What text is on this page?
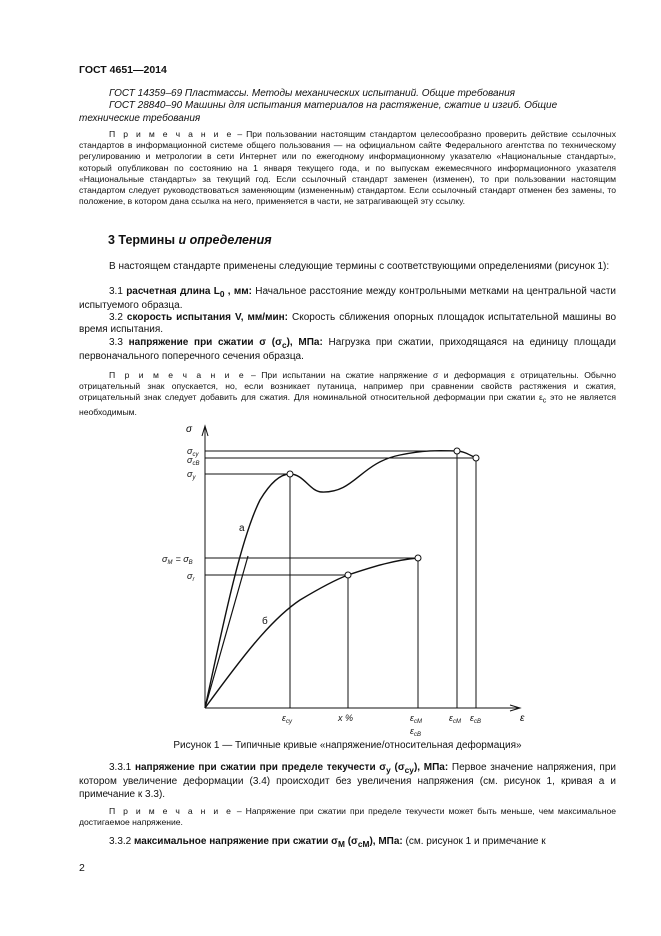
ГОСТ 4651—2014
ГОСТ 14359–69 Пластмассы. Методы механических испытаний. Общие требования
ГОСТ 28840–90 Машины для испытания материалов на растяжение, сжатие и изгиб. Общие технические требования
П р и м е ч а н и е – При пользовании настоящим стандартом целесообразно проверить действие ссылочных стандартов в информационной системе общего пользования — на официальном сайте Федерального агентства по техническому регулированию и метрологии в сети Интернет или по ежегодному информационному указателю «Национальные стандарты», который опубликован по состоянию на 1 января текущего года, и по выпускам ежемесячного информационного указателя «Национальные стандарты» за текущий год. Если ссылочный стандарт заменен (изменен), то при пользовании настоящим стандартом следует руководствоваться заменяющим (измененным) стандартом. Если ссылочный стандарт отменен без замены, то положение, в котором дана ссылка на него, применяется в части, не затрагивающей эту ссылку.
3 Термины и определения
В настоящем стандарте применены следующие термины с соответствующими определениями (рисунок 1):
3.1 расчетная длина $L_0$ , мм: Начальное расстояние между контрольными метками на центральной части испытуемого образца.
3.2 скорость испытания V, мм/мин: Скорость сближения опорных площадок испытательной машины во время испытания.
3.3 напряжение при сжатии σ $(\sigma_c)$, МПа: Нагрузка при сжатии, приходящаяся на единицу площади первоначального поперечного сечения образца.
П р и м е ч а н и е – При испытании на сжатие напряжение σ и деформация ε отрицательны. Обычно отрицательный знак опускается, но, если возникает путаница, например при сравнении свойств растяжения и сжатия, отрицательный знак следует добавить для сжатия. Для номинальной относительной деформации при сжатии $\varepsilon_c$ это не является необходимым.
σ
ε
$\sigma_{cy}$
$\sigma_{cB}$
$\sigma_y$
$\sigma_M = \sigma_B$
$\sigma_r$
$\varepsilon_{cy}$	x %	$\varepsilon_{cM}$
$\varepsilon_{cB}$
$\varepsilon_{cM}$ $\varepsilon_{cB}$
а
б
Рисунок 1 — Типичные кривые «напряжение/относительная деформация»
3.3.1 напряжение при сжатии при пределе текучести $\sigma_y$ $(\sigma_{cy})$, МПа: Первое значение напряжения, при котором увеличение деформации (3.4) происходит без увеличения напряжения (см. рисунок 1, кривая а и примечание к 3.3).
П р и м е ч а н и е – Напряжение при сжатии при пределе текучести может быть меньше, чем максимальное достигаемое напряжение.
3.3.2 максимальное напряжение при сжатии $\sigma_M$ $(\sigma_{cM})$, МПа: (см. рисунок 1 и примечание к
2
